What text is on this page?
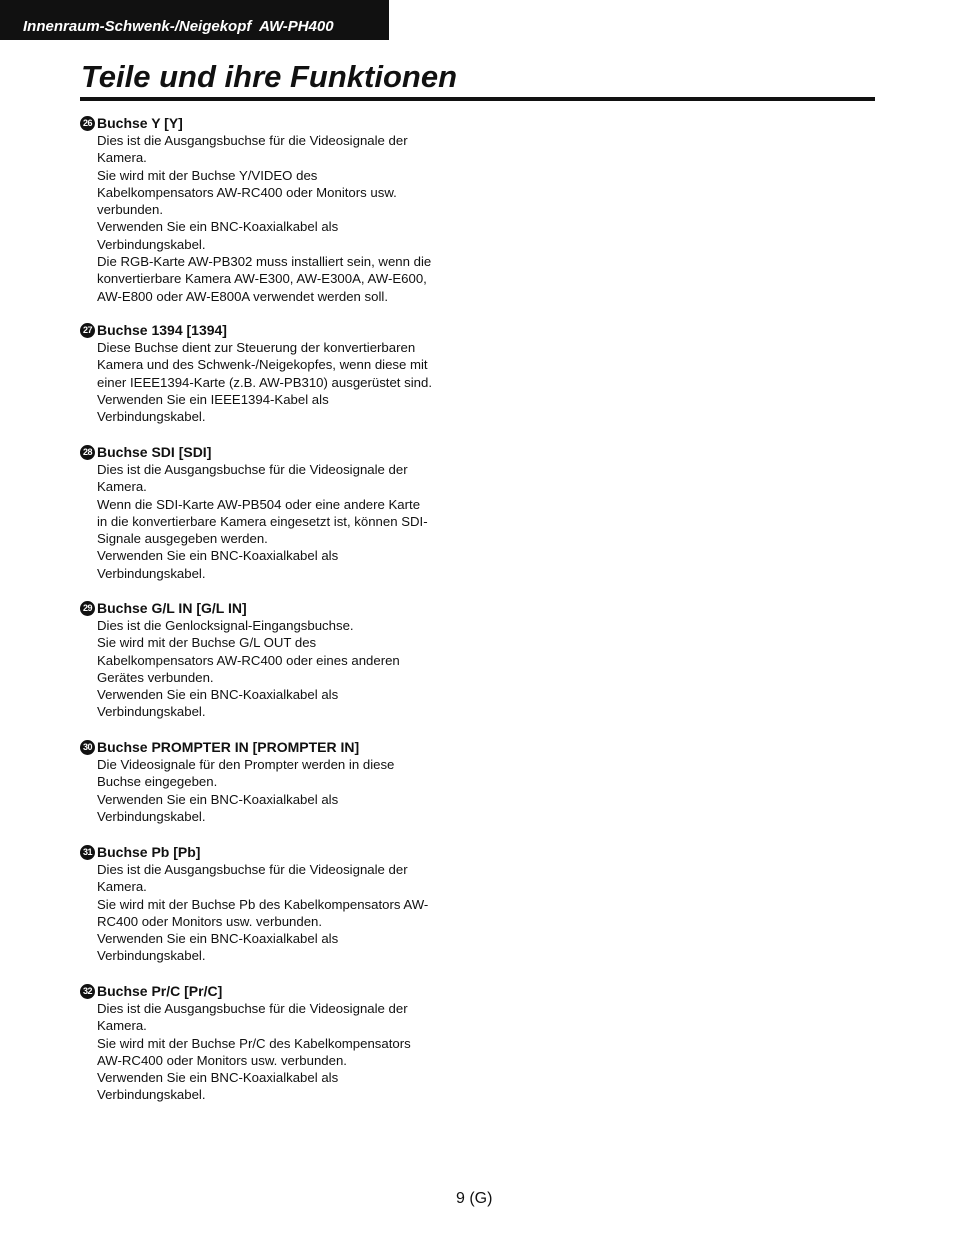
Innenraum-Schwenk-/Neigekopf  AW-PH400
Teile und ihre Funktionen
26 Buchse Y [Y]
Dies ist die Ausgangsbuchse für die Videosignale der
Kamera.
Sie wird mit der Buchse Y/VIDEO des
Kabelkompensators AW-RC400 oder Monitors usw.
verbunden.
Verwenden Sie ein BNC-Koaxialkabel als
Verbindungskabel.
Die RGB-Karte AW-PB302 muss installiert sein, wenn die
konvertierbare Kamera AW-E300, AW-E300A, AW-E600,
AW-E800 oder AW-E800A verwendet werden soll.
27 Buchse 1394 [1394]
Diese Buchse dient zur Steuerung der konvertierbaren
Kamera und des Schwenk-/Neigekopfes, wenn diese mit
einer IEEE1394-Karte (z.B. AW-PB310) ausgerüstet sind.
Verwenden Sie ein IEEE1394-Kabel als
Verbindungskabel.
28 Buchse SDI [SDI]
Dies ist die Ausgangsbuchse für die Videosignale der
Kamera.
Wenn die SDI-Karte AW-PB504 oder eine andere Karte
in die konvertierbare Kamera eingesetzt ist, können SDI-
Signale ausgegeben werden.
Verwenden Sie ein BNC-Koaxialkabel als
Verbindungskabel.
29 Buchse G/L IN [G/L IN]
Dies ist die Genlocksignal-Eingangsbuchse.
Sie wird mit der Buchse G/L OUT des
Kabelkompensators AW-RC400 oder eines anderen
Gerätes verbunden.
Verwenden Sie ein BNC-Koaxialkabel als
Verbindungskabel.
30 Buchse PROMPTER IN [PROMPTER IN]
Die Videosignale für den Prompter werden in diese
Buchse eingegeben.
Verwenden Sie ein BNC-Koaxialkabel als
Verbindungskabel.
31 Buchse Pb [Pb]
Dies ist die Ausgangsbuchse für die Videosignale der
Kamera.
Sie wird mit der Buchse Pb des Kabelkompensators AW-
RC400 oder Monitors usw. verbunden.
Verwenden Sie ein BNC-Koaxialkabel als
Verbindungskabel.
32 Buchse Pr/C [Pr/C]
Dies ist die Ausgangsbuchse für die Videosignale der
Kamera.
Sie wird mit der Buchse Pr/C des Kabelkompensators
AW-RC400 oder Monitors usw. verbunden.
Verwenden Sie ein BNC-Koaxialkabel als
Verbindungskabel.
9 (G)
